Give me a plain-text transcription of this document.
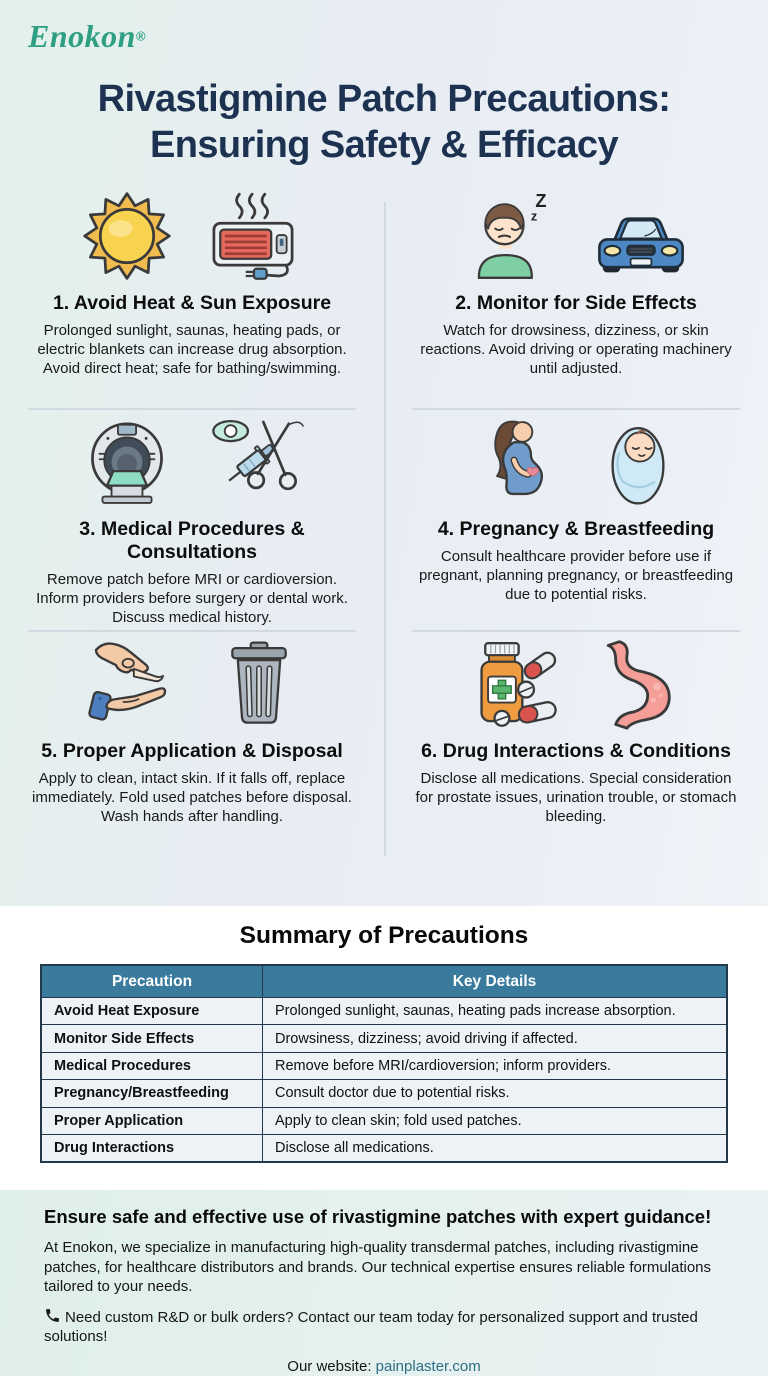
Enokon®
Rivastigmine Patch Precautions:
Ensuring Safety & Efficacy
1. Avoid Heat & Sun Exposure

Prolonged sunlight, saunas, heating pads, or electric blankets can increase drug absorption. Avoid direct heat; safe for bathing/swimming.

Z
z
2. Monitor for Side Effects

Watch for drowsiness, dizziness, or skin reactions. Avoid driving or operating machinery until adjusted.

3. Medical Procedures & Consultations

Remove patch before MRI or cardioversion. Inform providers before surgery or dental work. Discuss medical history.

4. Pregnancy & Breastfeeding

Consult healthcare provider before use if pregnant, planning pregnancy, or breastfeeding due to potential risks.

5. Proper Application & Disposal

Apply to clean, intact skin. If it falls off, replace immediately. Fold used patches before disposal. Wash hands after handling.

6. Drug Interactions & Conditions

Disclose all medications. Special consideration for prostate issues, urination trouble, or stomach bleeding.

Summary of Precautions
Precaution	Key Details
Avoid Heat Exposure	Prolonged sunlight, saunas, heating pads increase absorption.
Monitor Side Effects	Drowsiness, dizziness; avoid driving if affected.
Medical Procedures	Remove before MRI/cardioversion; inform providers.
Pregnancy/Breastfeeding	Consult doctor due to potential risks.
Proper Application	Apply to clean skin; fold used patches.
Drug Interactions	Disclose all medications.
Ensure safe and effective use of rivastigmine patches with expert guidance!

At Enokon, we specialize in manufacturing high-quality transdermal patches, including rivastigmine patches, for healthcare distributors and brands. Our technical expertise ensures reliable formulations tailored to your needs.

Need custom R&D or bulk orders? Contact our team today for personalized support and trusted solutions!

Our website: painplaster.com
